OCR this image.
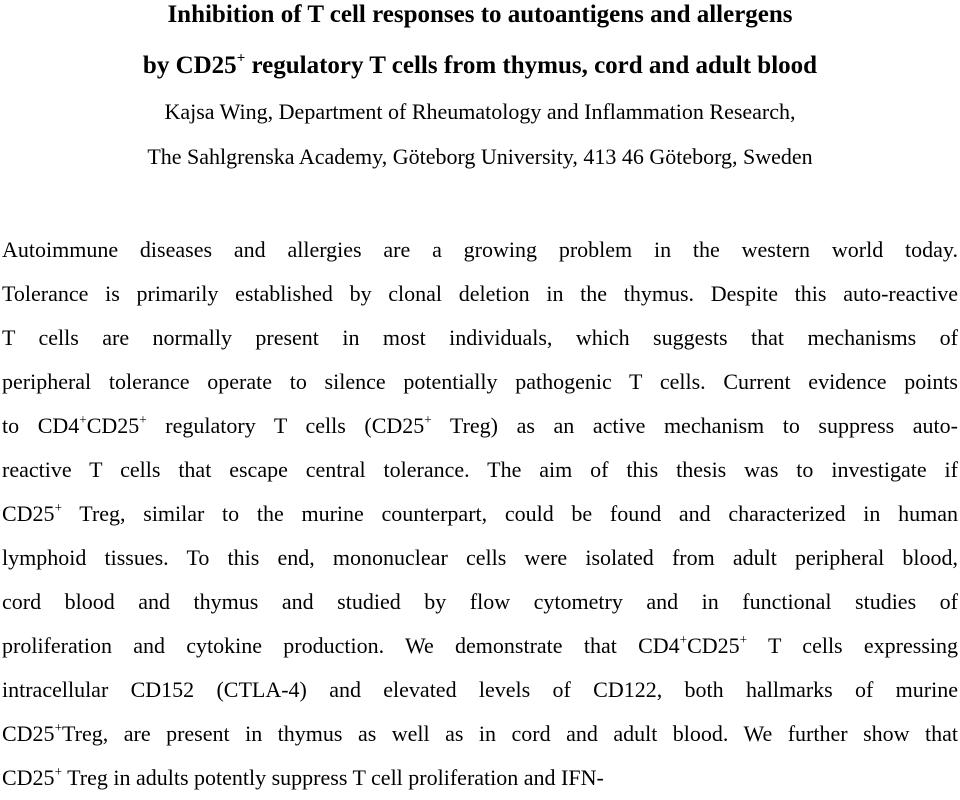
Inhibition of T cell responses to autoantigens and allergens
by CD25+ regulatory T cells from thymus, cord and adult blood
Kajsa Wing, Department of Rheumatology and Inflammation Research,
The Sahlgrenska Academy, Göteborg University, 413 46 Göteborg, Sweden
Autoimmune diseases and allergies are a growing problem in the western world today.
Tolerance is primarily established by clonal deletion in the thymus. Despite this auto-reactive
T cells are normally present in most individuals, which suggests that mechanisms of
peripheral tolerance operate to silence potentially pathogenic T cells. Current evidence points
to CD4+CD25+ regulatory T cells (CD25+ Treg) as an active mechanism to suppress auto-
reactive T cells that escape central tolerance. The aim of this thesis was to investigate if
CD25+ Treg, similar to the murine counterpart, could be found and characterized in human
lymphoid tissues. To this end, mononuclear cells were isolated from adult peripheral blood,
cord blood and thymus and studied by flow cytometry and in functional studies of
proliferation and cytokine production. We demonstrate that CD4+CD25+ T cells expressing
intracellular CD152 (CTLA-4) and elevated levels of CD122, both hallmarks of murine
CD25+Treg, are present in thymus as well as in cord and adult blood. We further show that
CD25+ Treg in adults potently suppress T cell proliferation and IFN-
